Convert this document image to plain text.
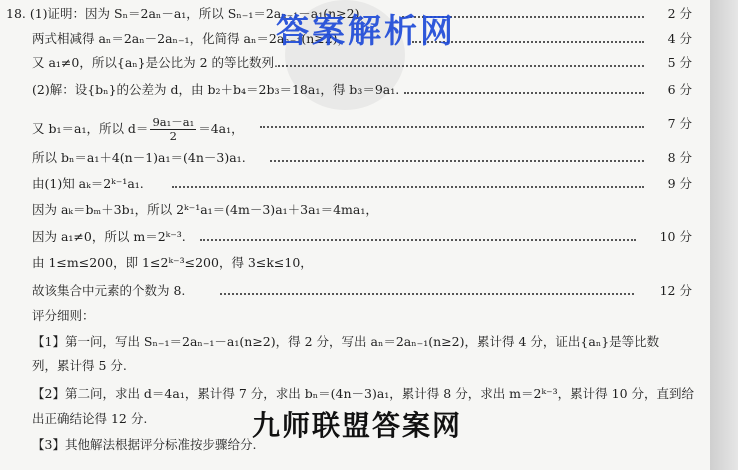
18. (1)证明：因为 Sₙ＝2aₙ－a₁，所以 Sₙ₋₁＝2aₙ₋₁－a₁(n≥2)，	2 分
两式相减得 aₙ＝2aₙ－2aₙ₋₁，化简得 aₙ＝2aₙ₋₁(n≥2)，	4 分
又 a₁≠0，所以{aₙ}是公比为 2 的等比数列.	5 分
(2)解：设{bₙ}的公差为 d，由 b₂＋b₄＝2b₃＝18a₁，得 b₃＝9a₁.	6 分
又 b₁＝a₁，所以 $d= \frac{\text{9a₁－a₁}}{2} =4a_1$，	7 分
所以 bₙ＝a₁＋4(n－1)a₁＝(4n－3)a₁.	8 分
由(1)知 aₖ＝2ᵏ⁻¹a₁.	9 分
因为 aₖ＝bₘ＋3b₁，所以 2ᵏ⁻¹a₁＝(4m－3)a₁＋3a₁＝4ma₁，
因为 a₁≠0，所以 m＝2ᵏ⁻³.	10 分
由 1≤m≤200，即 1≤2ᵏ⁻³≤200，得 3≤k≤10，
故该集合中元素的个数为 8.	12 分
评分细则：
【1】第一问，写出 Sₙ₋₁＝2aₙ₋₁－a₁(n≥2)，得 2 分，写出 aₙ＝2aₙ₋₁(n≥2)，累计得 4 分，证出{aₙ}是等比数
列，累计得 5 分.
【2】第二问，求出 d＝4a₁，累计得 7 分，求出 bₙ＝(4n－3)a₁，累计得 8 分，求出 m＝2ᵏ⁻³，累计得 10 分，直到给
出正确结论得 12 分.
【3】其他解法根据评分标准按步骤给分.
答案解析网
九师联盟答案网
